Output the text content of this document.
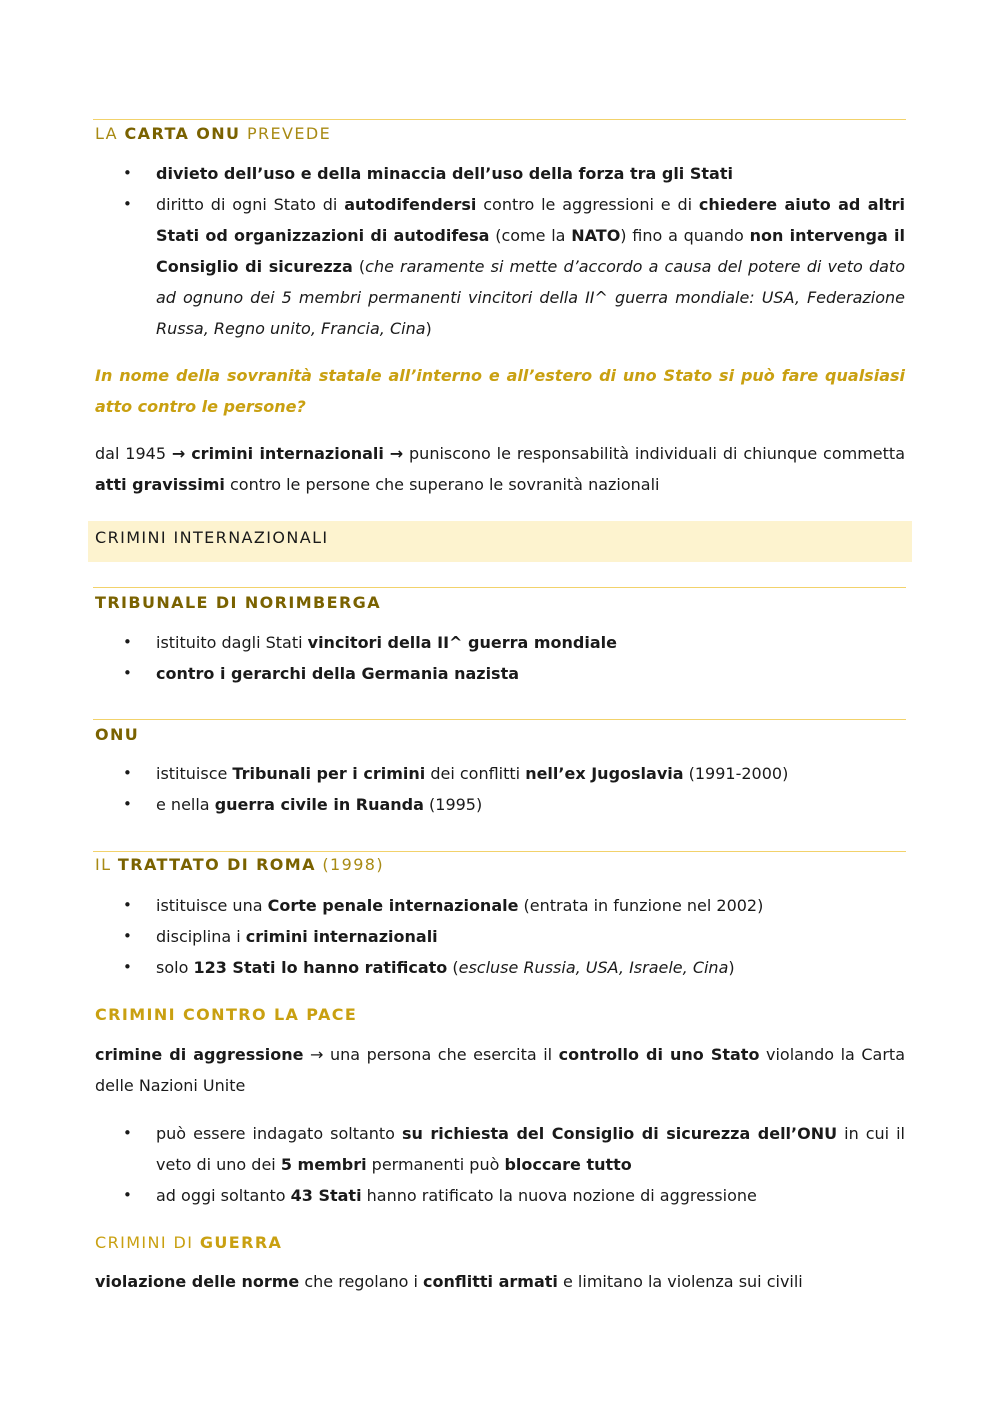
LA CARTA ONU PREVEDE
• divieto dell’uso e della minaccia dell’uso della forza tra gli Stati
• diritto di ogni Stato di autodifendersi contro le aggressioni e di chiedere aiuto ad altri Stati od organizzazioni di autodifesa (come la NATO) fino a quando non intervenga il Consiglio di sicurezza (che raramente si mette d’accordo a causa del potere di veto dato ad ognuno dei 5 membri permanenti vincitori della II^ guerra mondiale: USA, Federazione Russa, Regno unito, Francia, Cina)
In nome della sovranità statale all’interno e all’estero di uno Stato si può fare qualsiasi atto contro le persone?
dal 1945 → crimini internazionali → punisconо le responsabilità individuali di chiunque commetta atti gravissimi contro le persone che superano le sovranità nazionali
CRIMINI INTERNAZIONALI
TRIBUNALE DI NORIMBERGA
• istituito dagli Stati vincitori della II^ guerra mondiale
• contro i gerarchi della Germania nazista
ONU
• istituisce Tribunali per i crimini dei conflitti nell’ex Jugoslavia (1991-2000)
• e nella guerra civile in Ruanda (1995)
IL TRATTATO DI ROMA (1998)
• istituisce una Corte penale internazionale (entrata in funzione nel 2002)
• disciplina i crimini internazionali
• solo 123 Stati lo hanno ratificato (escluse Russia, USA, Israele, Cina)
CRIMINI CONTRO LA PACE
crimine di aggressione → una persona che esercita il controllo di uno Stato violando la Carta delle Nazioni Unite
• può essere indagato soltanto su richiesta del Consiglio di sicurezza dell’ONU in cui il veto di uno dei 5 membri permanenti può bloccare tutto
• ad oggi soltanto 43 Stati hanno ratificato la nuova nozione di aggressione
CRIMINI DI GUERRA
violazione delle norme che regolano i conflitti armati e limitano la violenza sui civili
